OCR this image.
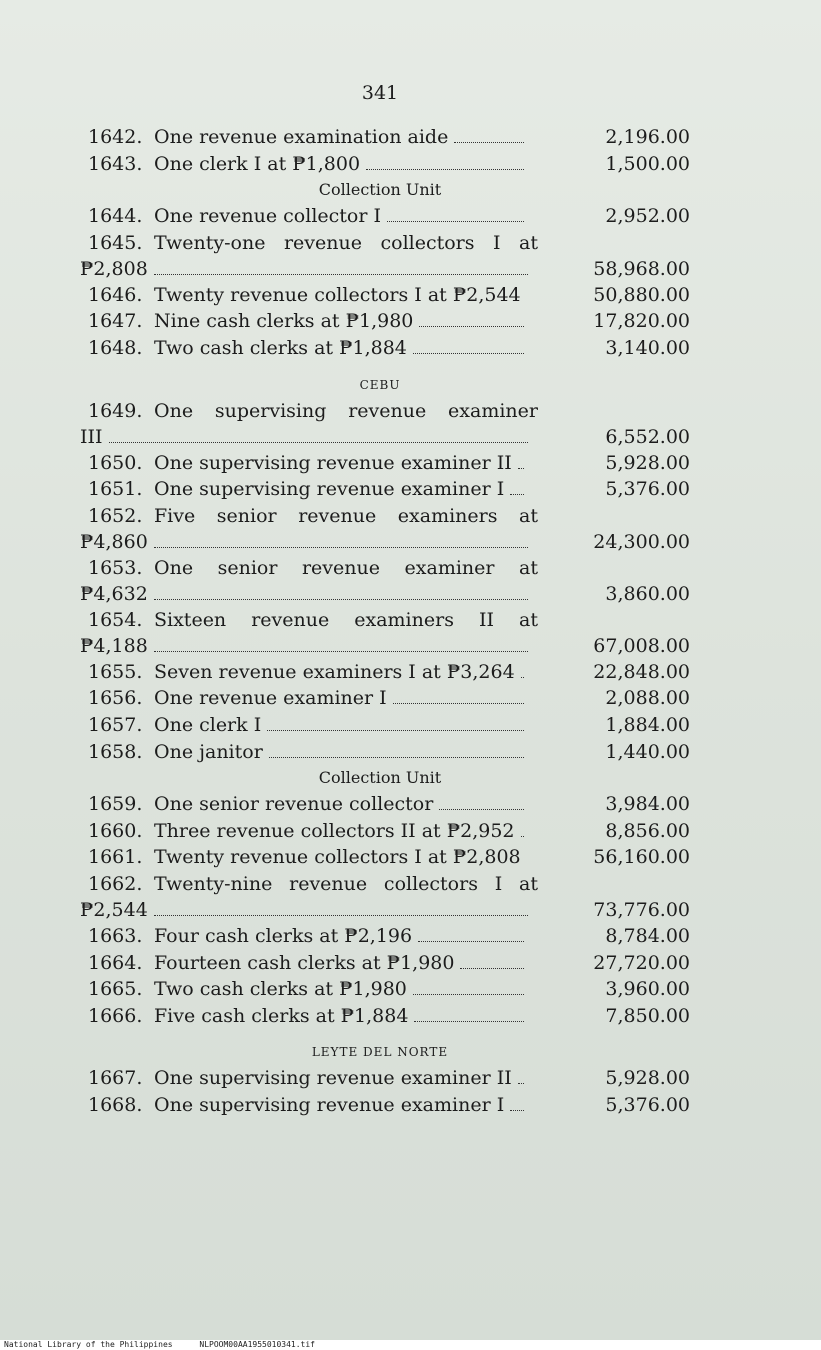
341
1642. One revenue examination aide	2,196.00
1643. One clerk I at ₱1,800	1,500.00
Collection Unit
1644. One revenue collector I	2,952.00
1645. Twenty-one revenue collectors I at
₱2,808	58,968.00
1646. Twenty revenue collectors I at ₱2,544	50,880.00
1647. Nine cash clerks at ₱1,980	17,820.00
1648. Two cash clerks at ₱1,884	3,140.00
CEBU
1649. One supervising revenue examiner
III	6,552.00
1650. One supervising revenue examiner II	5,928.00
1651. One supervising revenue examiner I	5,376.00
1652. Five senior revenue examiners at
₱4,860	24,300.00
1653. One senior revenue examiner at
₱4,632	3,860.00
1654. Sixteen revenue examiners II at
₱4,188	67,008.00
1655. Seven revenue examiners I at ₱3,264	22,848.00
1656. One revenue examiner I	2,088.00
1657. One clerk I	1,884.00
1658. One janitor	1,440.00
Collection Unit
1659. One senior revenue collector	3,984.00
1660. Three revenue collectors II at ₱2,952	8,856.00
1661. Twenty revenue collectors I at ₱2,808	56,160.00
1662. Twenty-nine revenue collectors I at
₱2,544	73,776.00
1663. Four cash clerks at ₱2,196	8,784.00
1664. Fourteen cash clerks at ₱1,980	27,720.00
1665. Two cash clerks at ₱1,980	3,960.00
1666. Five cash clerks at ₱1,884	7,850.00
LEYTE DEL NORTE
1667. One supervising revenue examiner II	5,928.00
1668. One supervising revenue examiner I	5,376.00
National Library of the Philippines	NLPOOM00AA1955010341.tif
